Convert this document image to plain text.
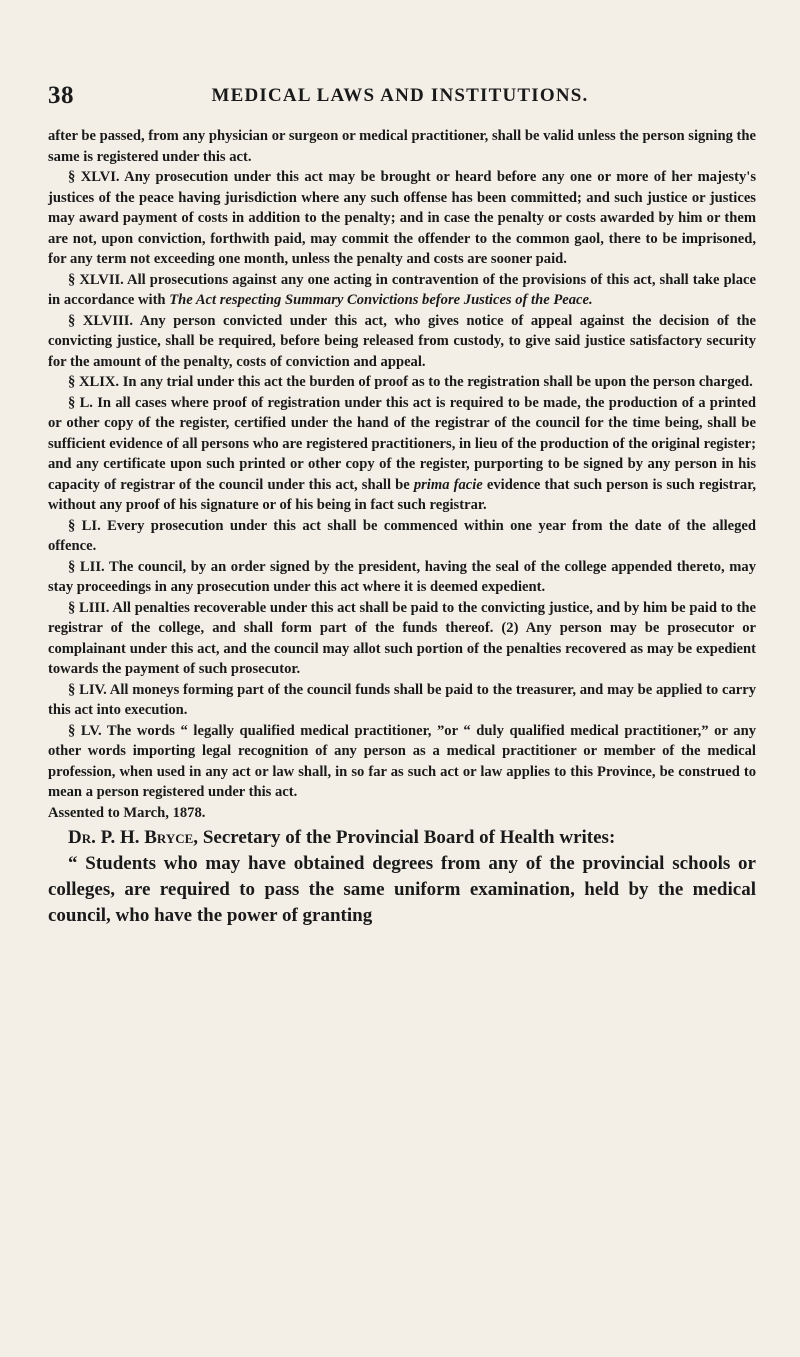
38	MEDICAL LAWS AND INSTITUTIONS.

after be passed, from any physician or surgeon or medical practitioner, shall be valid unless the person signing the same is registered under this act.

§ XLVI. Any prosecution under this act may be brought or heard before any one or more of her majesty's justices of the peace having jurisdiction where any such offense has been committed; and such justice or justices may award payment of costs in addition to the penalty; and in case the penalty or costs awarded by him or them are not, upon conviction, forthwith paid, may commit the offender to the common gaol, there to be imprisoned, for any term not exceeding one month, unless the penalty and costs are sooner paid.

§ XLVII. All prosecutions against any one acting in contravention of the provisions of this act, shall take place in accordance with The Act respecting Summary Convictions before Justices of the Peace.

§ XLVIII. Any person convicted under this act, who gives notice of appeal against the decision of the convicting justice, shall be required, before being released from custody, to give said justice satisfactory security for the amount of the penalty, costs of conviction and appeal.

§ XLIX. In any trial under this act the burden of proof as to the registration shall be upon the person charged.

§ L. In all cases where proof of registration under this act is required to be made, the production of a printed or other copy of the register, certified under the hand of the registrar of the council for the time being, shall be sufficient evidence of all persons who are registered practitioners, in lieu of the production of the original register; and any certificate upon such printed or other copy of the register, purporting to be signed by any person in his capacity of registrar of the council under this act, shall be prima facie evidence that such person is such registrar, without any proof of his signature or of his being in fact such registrar.

§ LI. Every prosecution under this act shall be commenced within one year from the date of the alleged offence.

§ LII. The council, by an order signed by the president, having the seal of the college appended thereto, may stay proceedings in any prosecution under this act where it is deemed expedient.

§ LIII. All penalties recoverable under this act shall be paid to the convicting justice, and by him be paid to the registrar of the college, and shall form part of the funds thereof. (2) Any person may be prosecutor or complainant under this act, and the council may allot such portion of the penalties recovered as may be expedient towards the payment of such prosecutor.

§ LIV. All moneys forming part of the council funds shall be paid to the treasurer, and may be applied to carry this act into execution.

§ LV. The words “ legally qualified medical practitioner, ”or “ duly qualified medical practitioner,” or any other words importing legal recognition of any person as a medical practitioner or member of the medical profession, when used in any act or law shall, in so far as such act or law applies to this Province, be construed to mean a person registered under this act.

Assented to March, 1878.

Dr. P. H. Bryce, Secretary of the Provincial Board of Health writes:

“ Students who may have obtained degrees from any of the provincial schools or colleges, are required to pass the same uniform examination, held by the medical council, who have the power of granting
